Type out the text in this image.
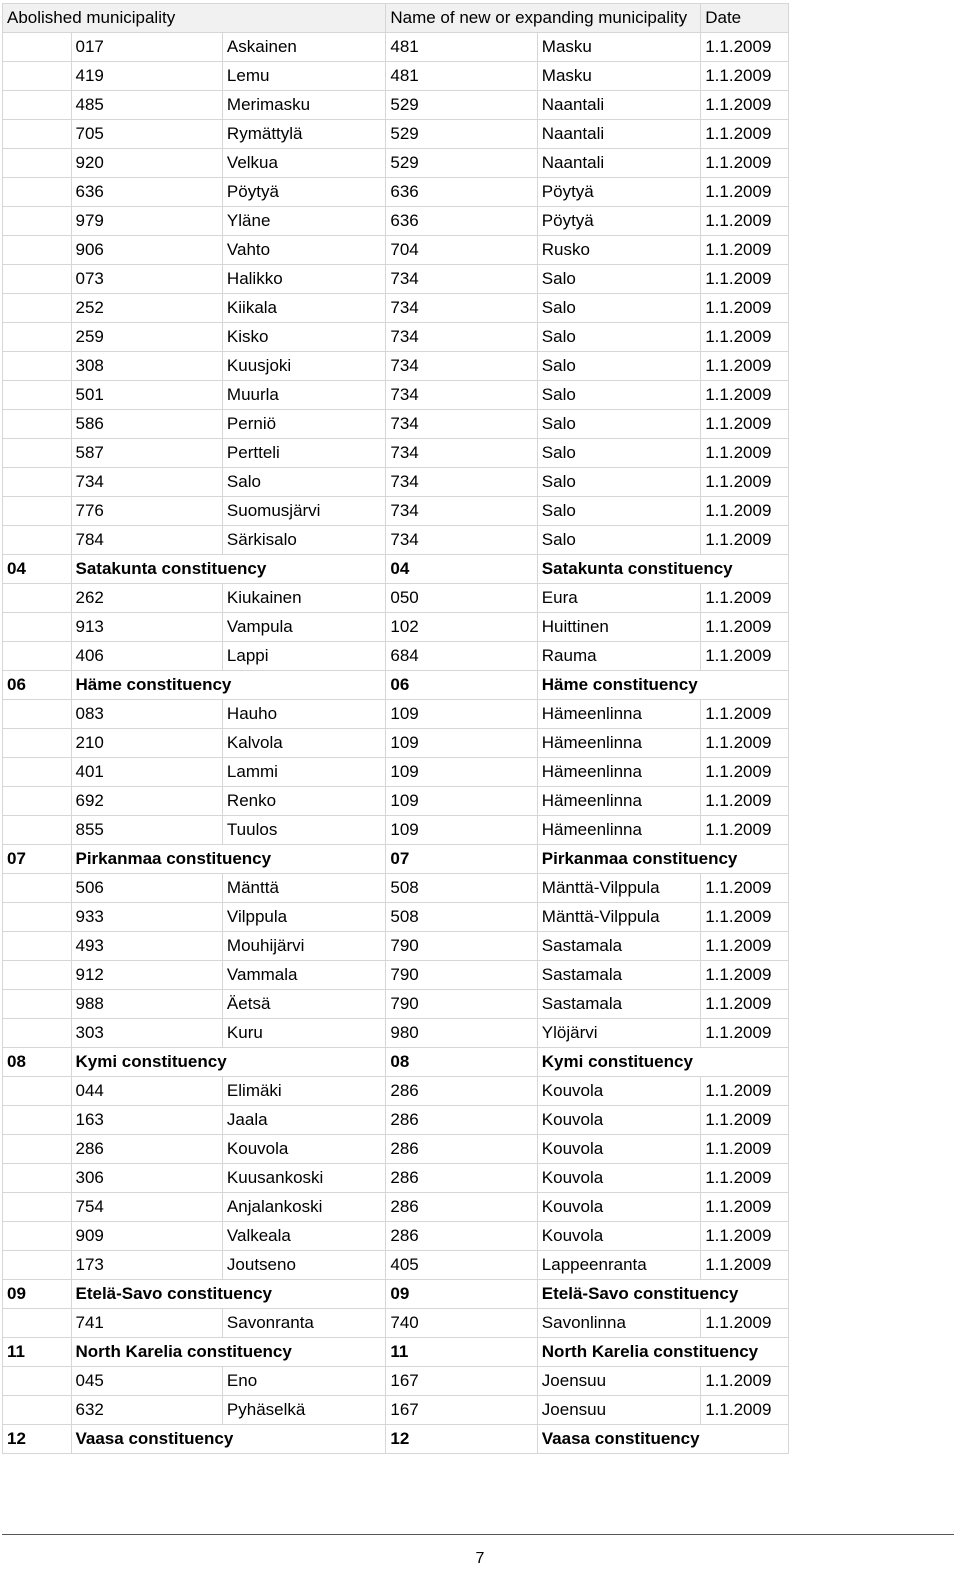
Abolished municipality			Name of new or expanding municipality		Date
	017	Askainen	481	Masku	1.1.2009
	419	Lemu	481	Masku	1.1.2009
	485	Merimasku	529	Naantali	1.1.2009
	705	Rymättylä	529	Naantali	1.1.2009
	920	Velkua	529	Naantali	1.1.2009
	636	Pöytyä	636	Pöytyä	1.1.2009
	979	Yläne	636	Pöytyä	1.1.2009
	906	Vahto	704	Rusko	1.1.2009
	073	Halikko	734	Salo	1.1.2009
	252	Kiikala	734	Salo	1.1.2009
	259	Kisko	734	Salo	1.1.2009
	308	Kuusjoki	734	Salo	1.1.2009
	501	Muurla	734	Salo	1.1.2009
	586	Perniö	734	Salo	1.1.2009
	587	Pertteli	734	Salo	1.1.2009
	734	Salo	734	Salo	1.1.2009
	776	Suomusjärvi	734	Salo	1.1.2009
	784	Särkisalo	734	Salo	1.1.2009
04	Satakunta constituency		04	Satakunta constituency	
	262	Kiukainen	050	Eura	1.1.2009
	913	Vampula	102	Huittinen	1.1.2009
	406	Lappi	684	Rauma	1.1.2009
06	Häme constituency		06	Häme constituency	
	083	Hauho	109	Hämeenlinna	1.1.2009
	210	Kalvola	109	Hämeenlinna	1.1.2009
	401	Lammi	109	Hämeenlinna	1.1.2009
	692	Renko	109	Hämeenlinna	1.1.2009
	855	Tuulos	109	Hämeenlinna	1.1.2009
07	Pirkanmaa constituency		07	Pirkanmaa constituency	
	506	Mänttä	508	Mänttä-Vilppula	1.1.2009
	933	Vilppula	508	Mänttä-Vilppula	1.1.2009
	493	Mouhijärvi	790	Sastamala	1.1.2009
	912	Vammala	790	Sastamala	1.1.2009
	988	Äetsä	790	Sastamala	1.1.2009
	303	Kuru	980	Ylöjärvi	1.1.2009
08	Kymi constituency		08	Kymi constituency	
	044	Elimäki	286	Kouvola	1.1.2009
	163	Jaala	286	Kouvola	1.1.2009
	286	Kouvola	286	Kouvola	1.1.2009
	306	Kuusankoski	286	Kouvola	1.1.2009
	754	Anjalankoski	286	Kouvola	1.1.2009
	909	Valkeala	286	Kouvola	1.1.2009
	173	Joutseno	405	Lappeenranta	1.1.2009
09	Etelä-Savo constituency		09	Etelä-Savo constituency	
	741	Savonranta	740	Savonlinna	1.1.2009
11	North Karelia constituency		11	North Karelia constituency	
	045	Eno	167	Joensuu	1.1.2009
	632	Pyhäselkä	167	Joensuu	1.1.2009
12	Vaasa constituency		12	Vaasa constituency	
7
